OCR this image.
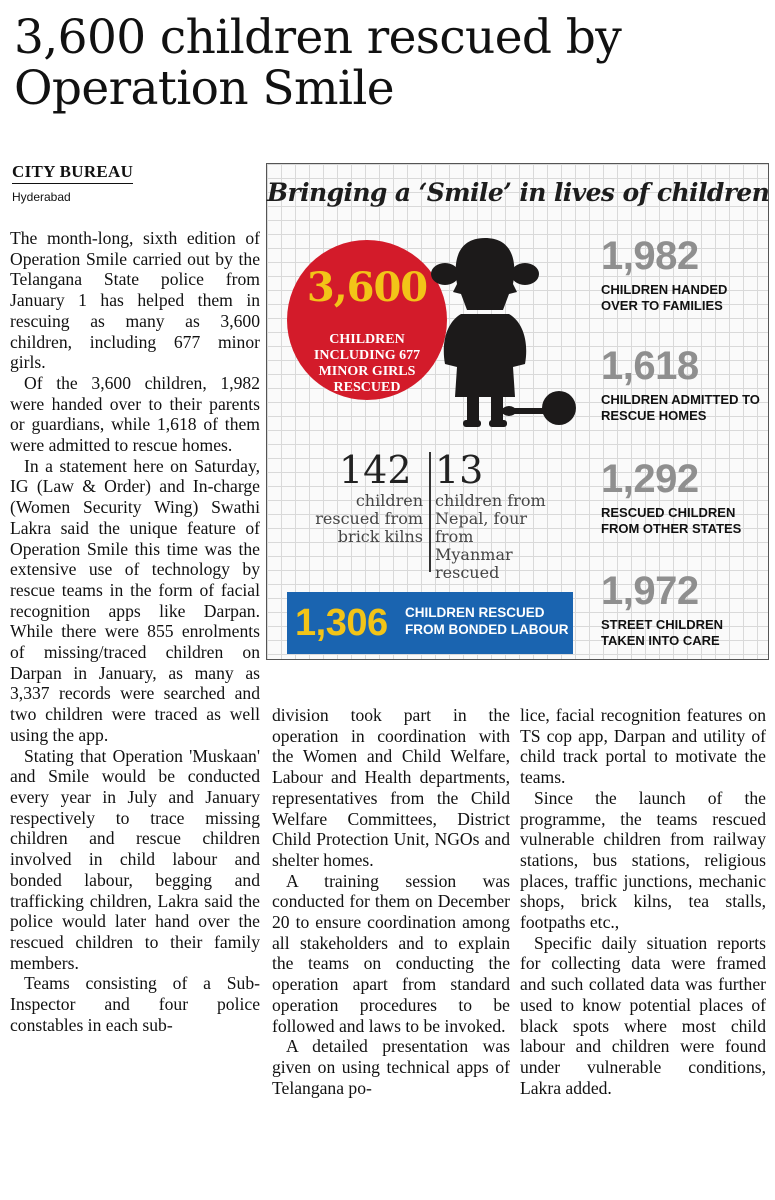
3,600 children rescued by
Operation Smile
CITY BUREAU
Hyderabad

The month-long, sixth edition of Operation Smile carried out by the Telangana State police from January 1 has helped them in rescuing as many as 3,600 children, including 677 minor girls.

Of the 3,600 children, 1,982 were handed over to their parents or guardians, while 1,618 of them were admitted to rescue homes.

In a statement here on Saturday, IG (Law & Order) and In-charge (Women Security Wing) Swathi Lakra said the unique feature of Operation Smile this time was the extensive use of technology by rescue teams in the form of facial recognition apps like Darpan. While there were 855 enrolments of missing/traced children on Darpan in January, as many as 3,337 records were searched and two children were traced as well using the app.

Stating that Operation 'Muskaan' and Smile would be conducted every year in July and January respectively to trace missing children and rescue children involved in child labour and bonded labour, begging and trafficking children, Lakra said the police would later hand over the rescued children to their family members.

Teams consisting of a Sub-Inspector and four police constables in each sub-

division took part in the operation in coordination with the Women and Child Welfare, Labour and Health departments, representatives from the Child Welfare Committees, District Child Protection Unit, NGOs and shelter homes.

A training session was conducted for them on December 20 to ensure coordination among all stakeholders and to explain the teams on conducting the operation apart from standard operation procedures to be followed and laws to be invoked.

A detailed presentation was given on using technical apps of Telangana po-

lice, facial recognition features on TS cop app, Darpan and utility of child track portal to motivate the teams.

Since the launch of the programme, the teams rescued vulnerable children from railway stations, bus stations, religious places, traffic junctions, mechanic shops, brick kilns, tea stalls, footpaths etc.,

Specific daily situation reports for collecting data were framed and such collated data was further used to know potential places of black spots where most child labour and children were found under vulnerable conditions, Lakra added.

Bringing a ‘Smile’ in lives of children
3,600
CHILDREN INCLUDING 677 MINOR GIRLS RESCUED
142
children rescued from brick kilns
13
children from Nepal, four from Myanmar rescued
1,306 CHILDREN RESCUED FROM BONDED LABOUR
1,982
CHILDREN HANDED OVER TO FAMILIES
1,618
CHILDREN ADMITTED TO RESCUE HOMES
1,292
RESCUED CHILDREN FROM OTHER STATES
1,972
STREET CHILDREN TAKEN INTO CARE
